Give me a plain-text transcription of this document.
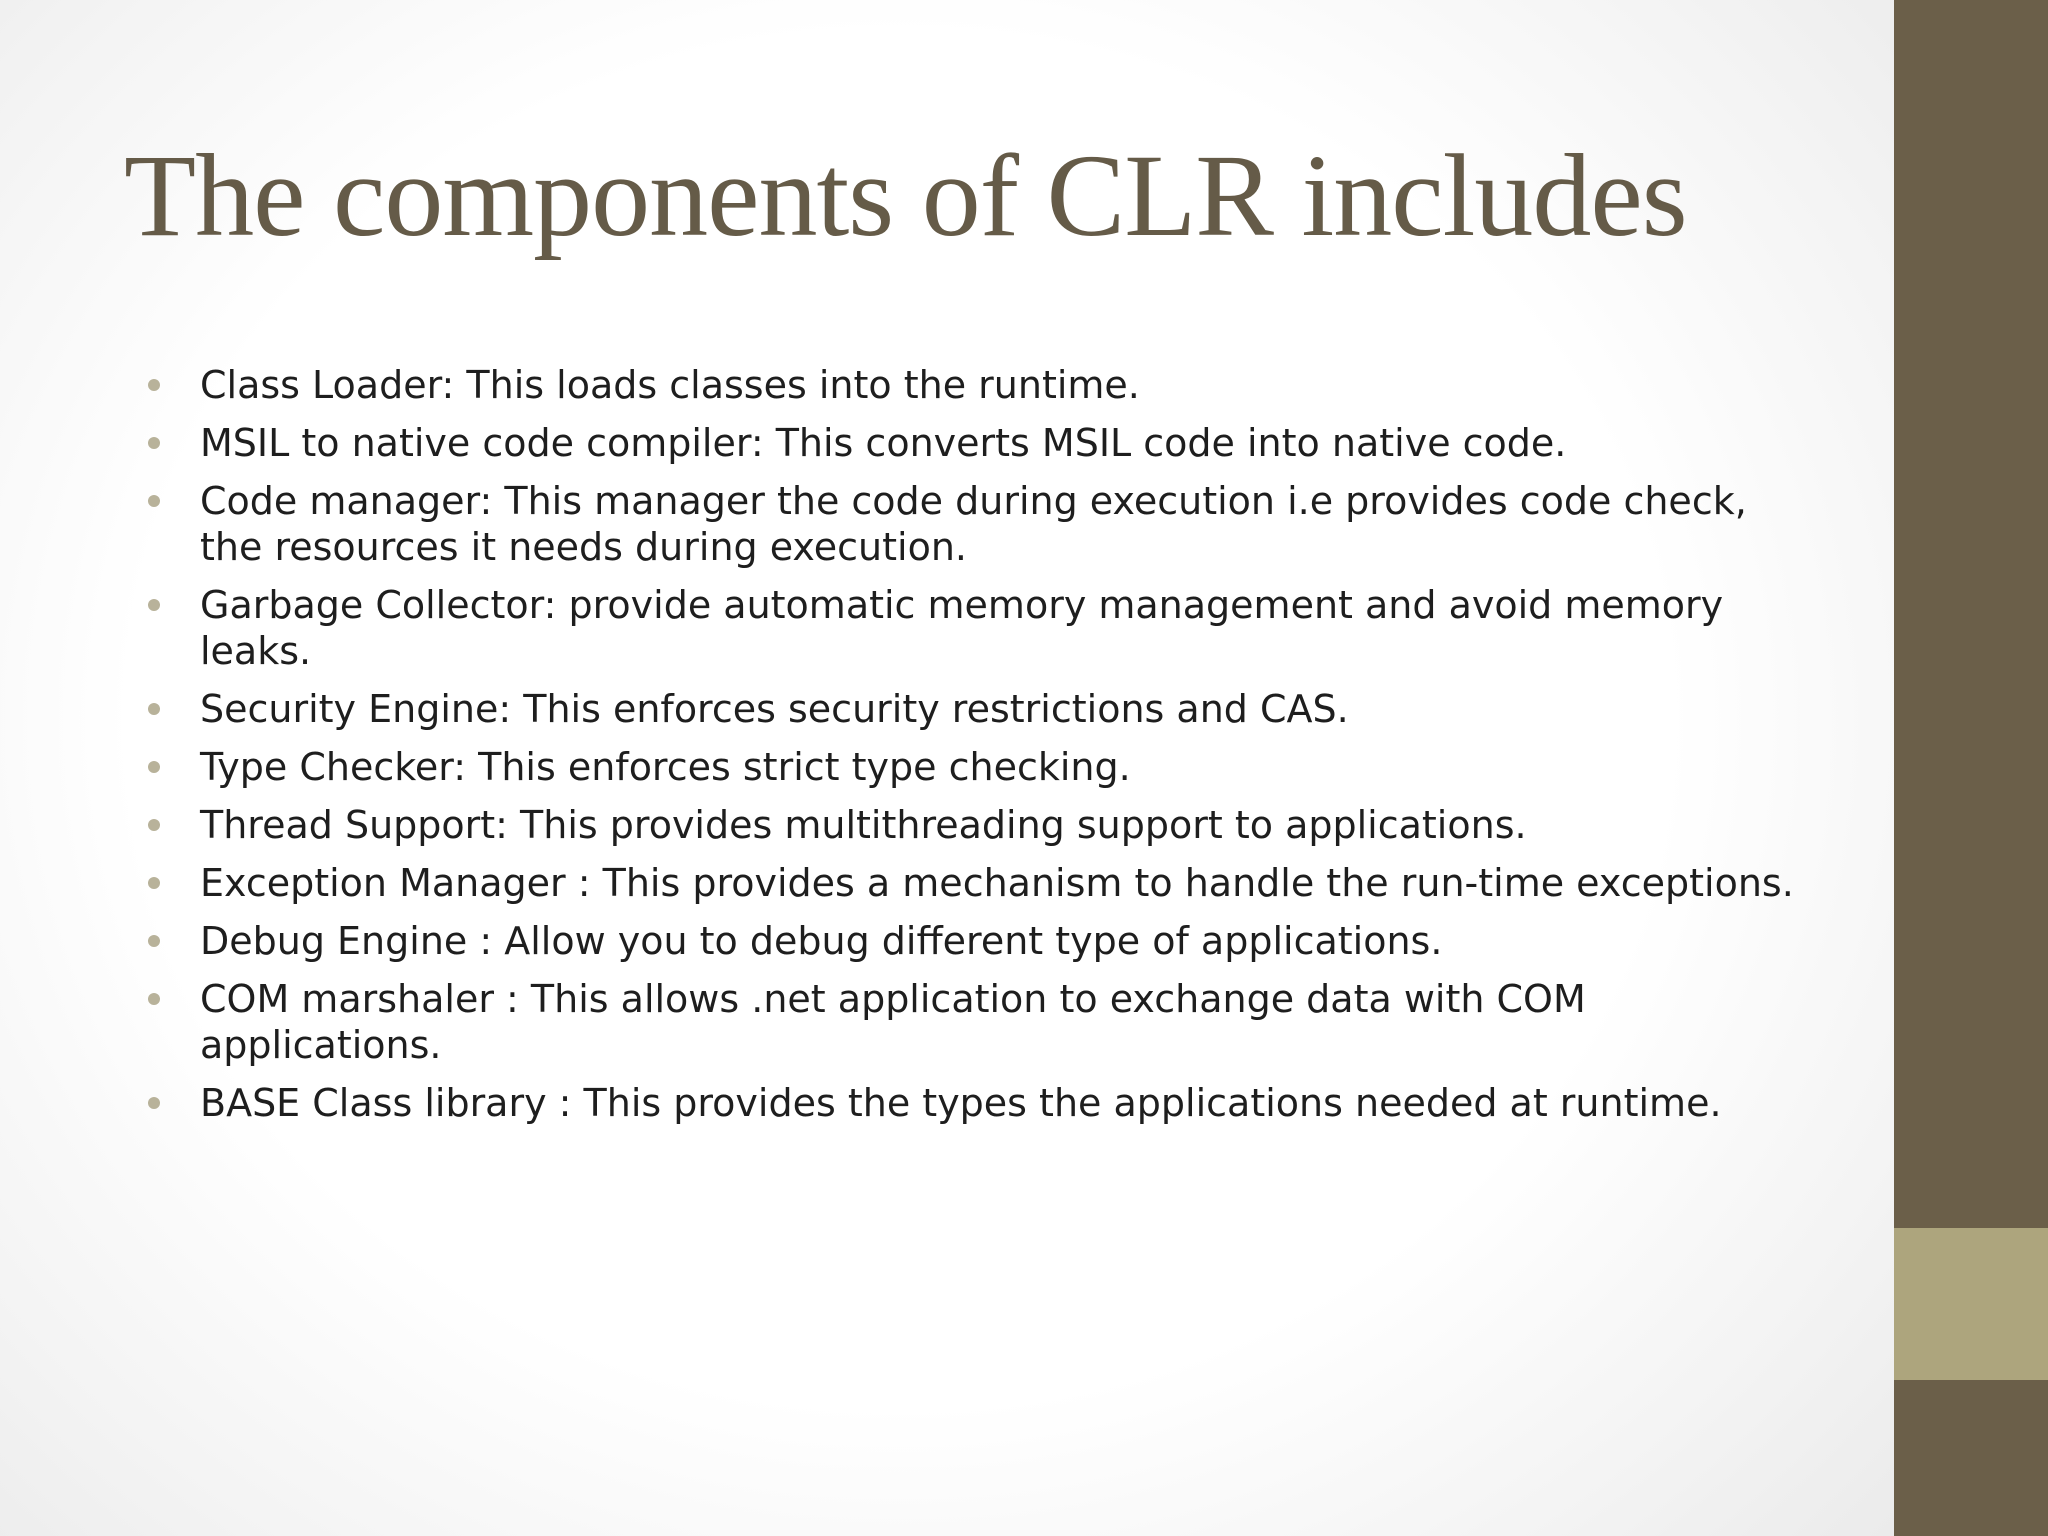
The components of CLR includes
Class Loader: This loads classes into the runtime.
MSIL to native code compiler: This converts MSIL code into native code.
Code manager: This manager the code during execution i.e provides code check, the resources it needs during execution.
Garbage Collector: provide automatic memory management and avoid memory leaks.
Security Engine: This enforces security restrictions and CAS.
Type Checker: This enforces strict type checking.
Thread Support: This provides multithreading support to applications.
Exception Manager : This provides a mechanism to handle the run-time exceptions.
Debug Engine : Allow you to debug different type of applications.
COM marshaler : This allows .net application to exchange data with COM applications.
BASE Class library : This provides the types the applications needed at runtime.
